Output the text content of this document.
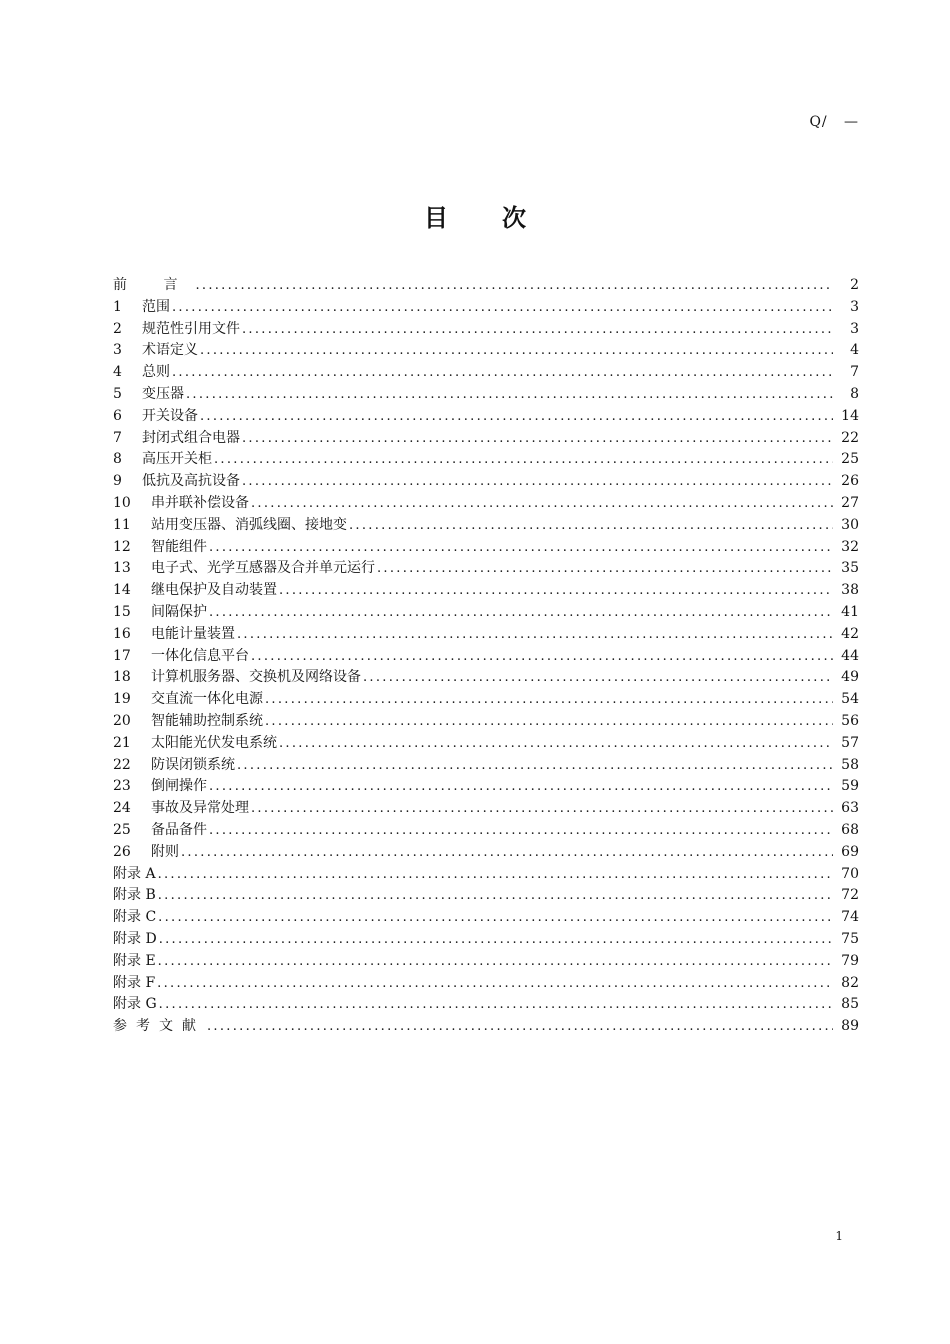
Q/   —
目 次
前 言 .....	2
1	范围 .....	3
2	规范性引用文件 .....	3
3	术语定义 .....	4
4	总则 .....	7
5	变压器 .....	8
6	开关设备 .....	14
7	封闭式组合电器 .....	22
8	高压开关柜 .....	25
9	低抗及高抗设备 .....	26
10	串并联补偿设备 .....	27
11	站用变压器、消弧线圈、接地变 .....	30
12	智能组件 .....	32
13	电子式、光学互感器及合并单元运行 .....	35
14	继电保护及自动装置 .....	38
15	间隔保护 .....	41
16	电能计量装置 .....	42
17	一体化信息平台 .....	44
18	计算机服务器、交换机及网络设备 .....	49
19	交直流一体化电源 .....	54
20	智能辅助控制系统 .....	56
21	太阳能光伏发电系统 .....	57
22	防误闭锁系统 .....	58
23	倒闸操作 .....	59
24	事故及异常处理 .....	63
25	备品备件 .....	68
26	附则 .....	69
附录 A .....	70
附录 B .....	72
附录 C .....	74
附录 D .....	75
附录 E .....	79
附录 F .....	82
附录 G .....	85
参考文献 .....	89
1
